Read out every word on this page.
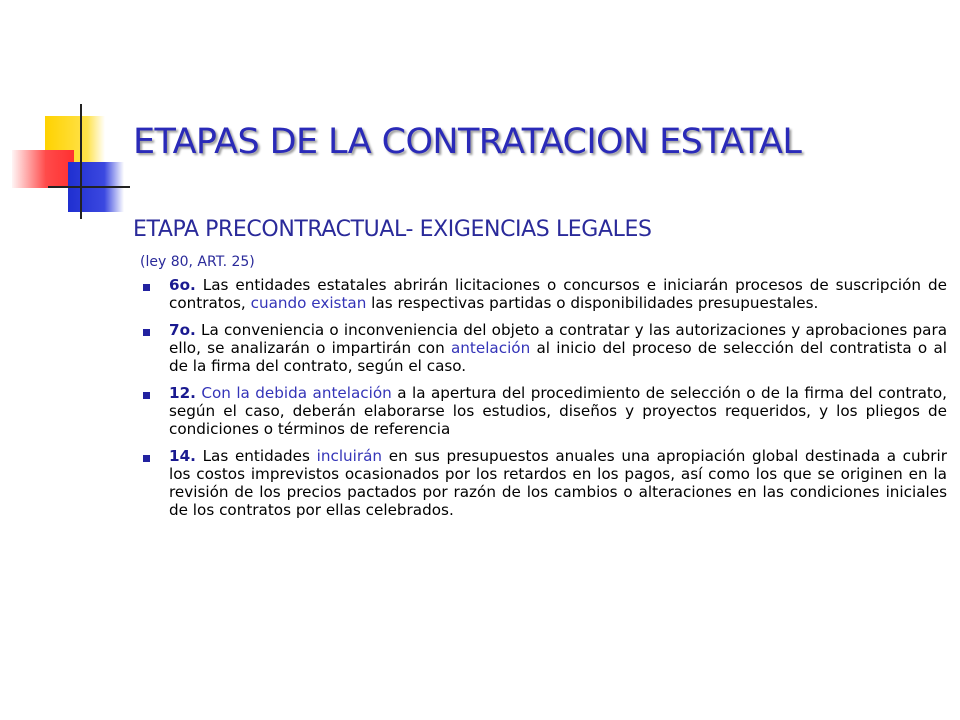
ETAPAS DE LA CONTRATACION ESTATAL
ETAPA PRECONTRACTUAL- EXIGENCIAS LEGALES
(ley 80, ART. 25)
6o. Las entidades estatales abrirán licitaciones o concursos e iniciarán procesos de suscripción de contratos, cuando existan las respectivas partidas o disponibilidades presupuestales.
7o. La conveniencia o inconveniencia del objeto a contratar y las autorizaciones y aprobaciones para ello, se analizarán o impartirán con antelación al inicio del proceso de selección del contratista o al de la firma del contrato, según el caso.
12. Con la debida antelación a la apertura del procedimiento de selección o de la firma del contrato, según el caso, deberán elaborarse los estudios, diseños y proyectos requeridos, y los pliegos de condiciones o términos de referencia
14. Las entidades incluirán en sus presupuestos anuales una apropiación global destinada a cubrir los costos imprevistos ocasionados por los retardos en los pagos, así como los que se originen en la revisión de los precios pactados por razón de los cambios o alteraciones en las condiciones iniciales de los contratos por ellas celebrados.
